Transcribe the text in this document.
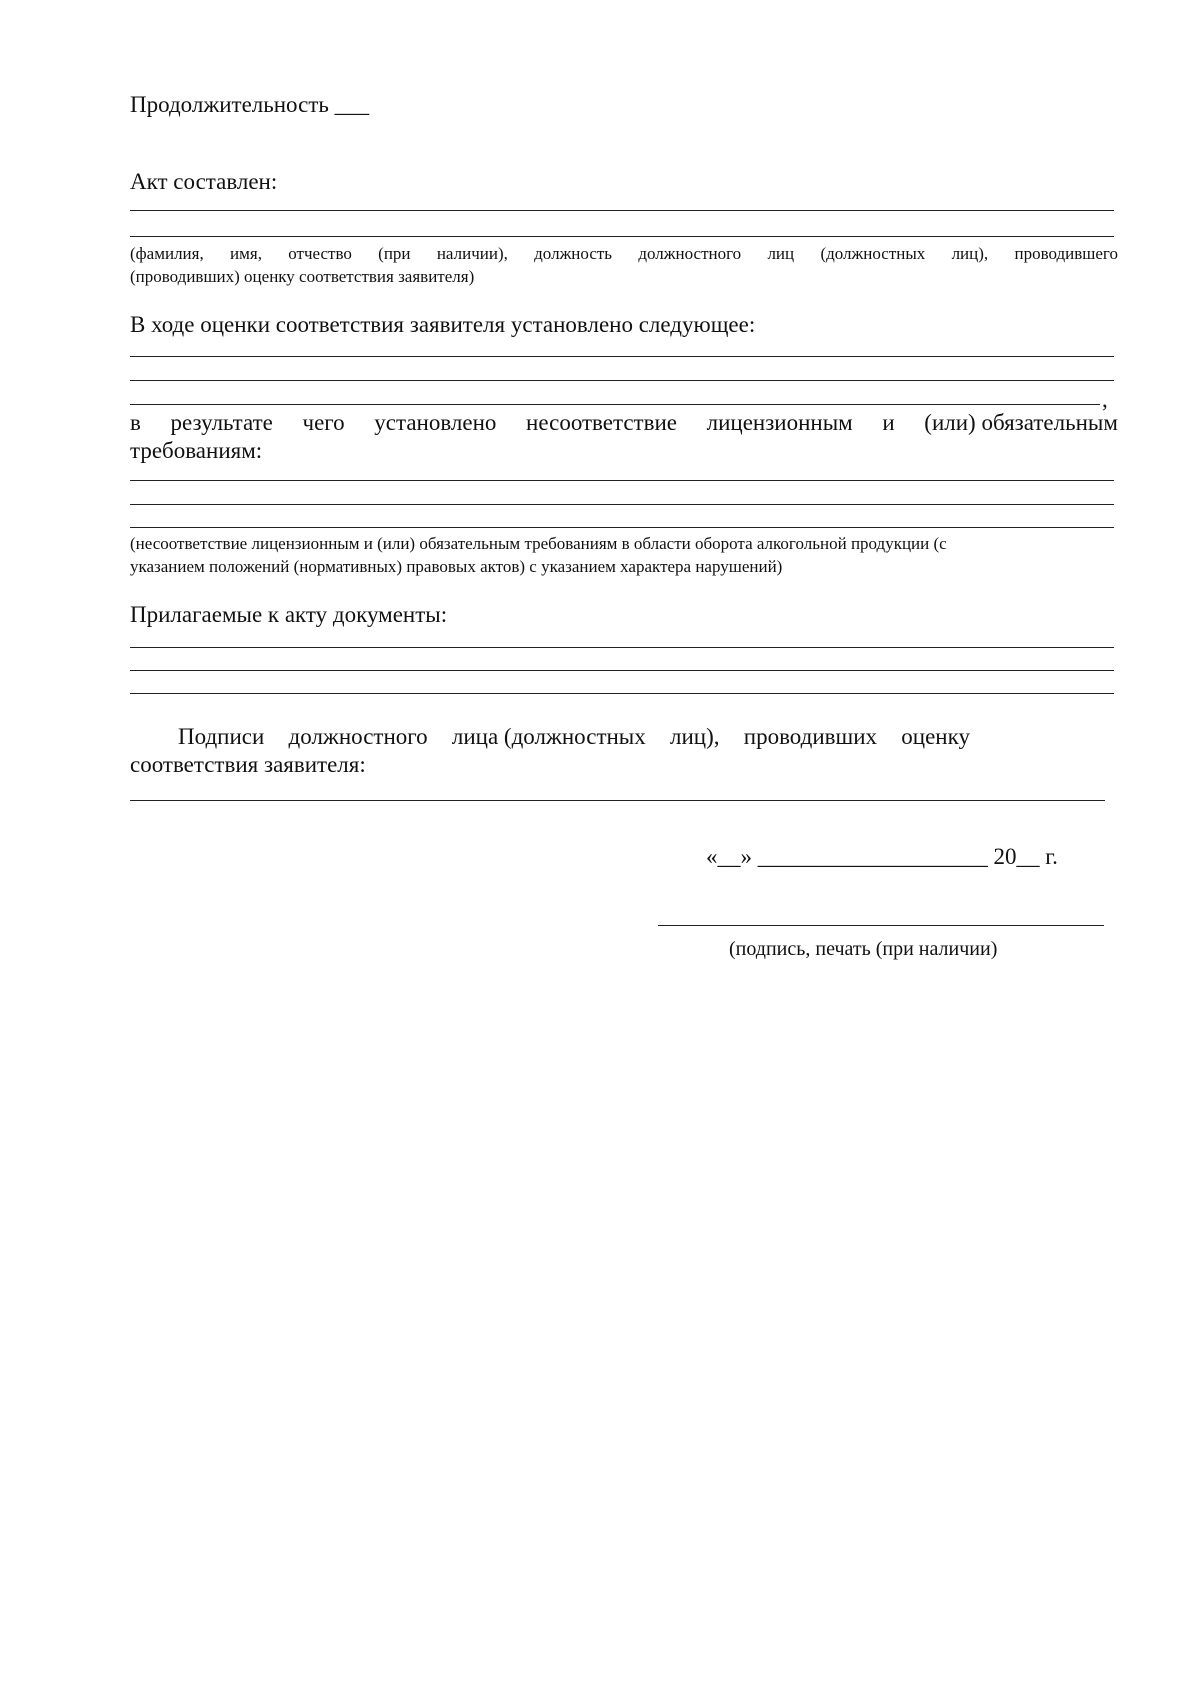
Продолжительность ___
Акт составлен:
(фамилия, имя, отчество (при наличии), должность должностного лиц (должностных лиц), проводившего
(проводивших) оценку соответствия заявителя)
В ходе оценки соответствия заявителя установлено следующее:
,
в результате чего установлено несоответствие лицензионным и (или) обязательным
требованиям:
(несоответствие лицензионным и (или) обязательным требованиям в области оборота алкогольной продукции (с
указанием положений (нормативных) правовых актов) с указанием характера нарушений)
Прилагаемые к акту документы:
Подписи должностного лица (должностных лиц), проводивших оценку
соответствия заявителя:
«__» ____________________ 20__ г.
(подпись, печать (при наличии)
